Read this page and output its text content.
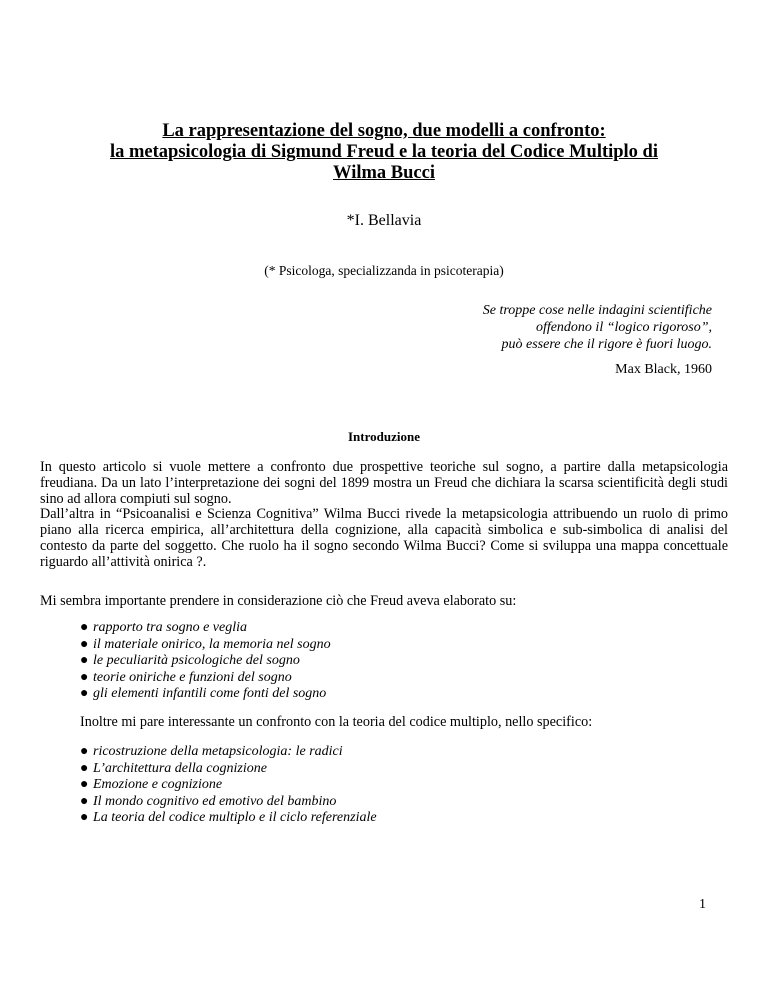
La rappresentazione del sogno, due modelli a confronto:
la metapsicologia di Sigmund Freud e la teoria del Codice Multiplo di
Wilma Bucci
*I. Bellavia
(* Psicologa, specializzanda in psicoterapia)
Se troppe cose nelle indagini scientifiche
offendono il “logico rigoroso”,
può essere che il rigore è fuori luogo.
Max Black, 1960
Introduzione

In questo articolo si vuole mettere a confronto due prospettive teoriche sul sogno, a partire dalla metapsicologia freudiana. Da un lato l’interpretazione dei sogni del 1899 mostra un Freud che dichiara la scarsa scientificità degli studi sino ad allora compiuti sul sogno.

Dall’altra in “Psicoanalisi e Scienza Cognitiva” Wilma Bucci rivede la metapsicologia attribuendo un ruolo di primo piano alla ricerca empirica, all’architettura della cognizione, alla capacità simbolica e sub-simbolica di analisi del contesto da parte del soggetto. Che ruolo ha il sogno secondo Wilma Bucci? Come si sviluppa una mappa concettuale riguardo all’attività onirica ?.

Mi sembra importante prendere in considerazione ciò che Freud aveva elaborato su:
● rapporto tra sogno e veglia
● il materiale onirico, la memoria nel sogno
● le peculiarità psicologiche del sogno
● teorie oniriche e funzioni del sogno
● gli elementi infantili come fonti del sogno
Inoltre mi pare interessante un confronto con la teoria del codice multiplo, nello specifico:
● ricostruzione della metapsicologia: le radici
● L’architettura della cognizione
● Emozione e cognizione
● Il mondo cognitivo ed emotivo del bambino
● La teoria del codice multiplo e il ciclo referenziale
1
